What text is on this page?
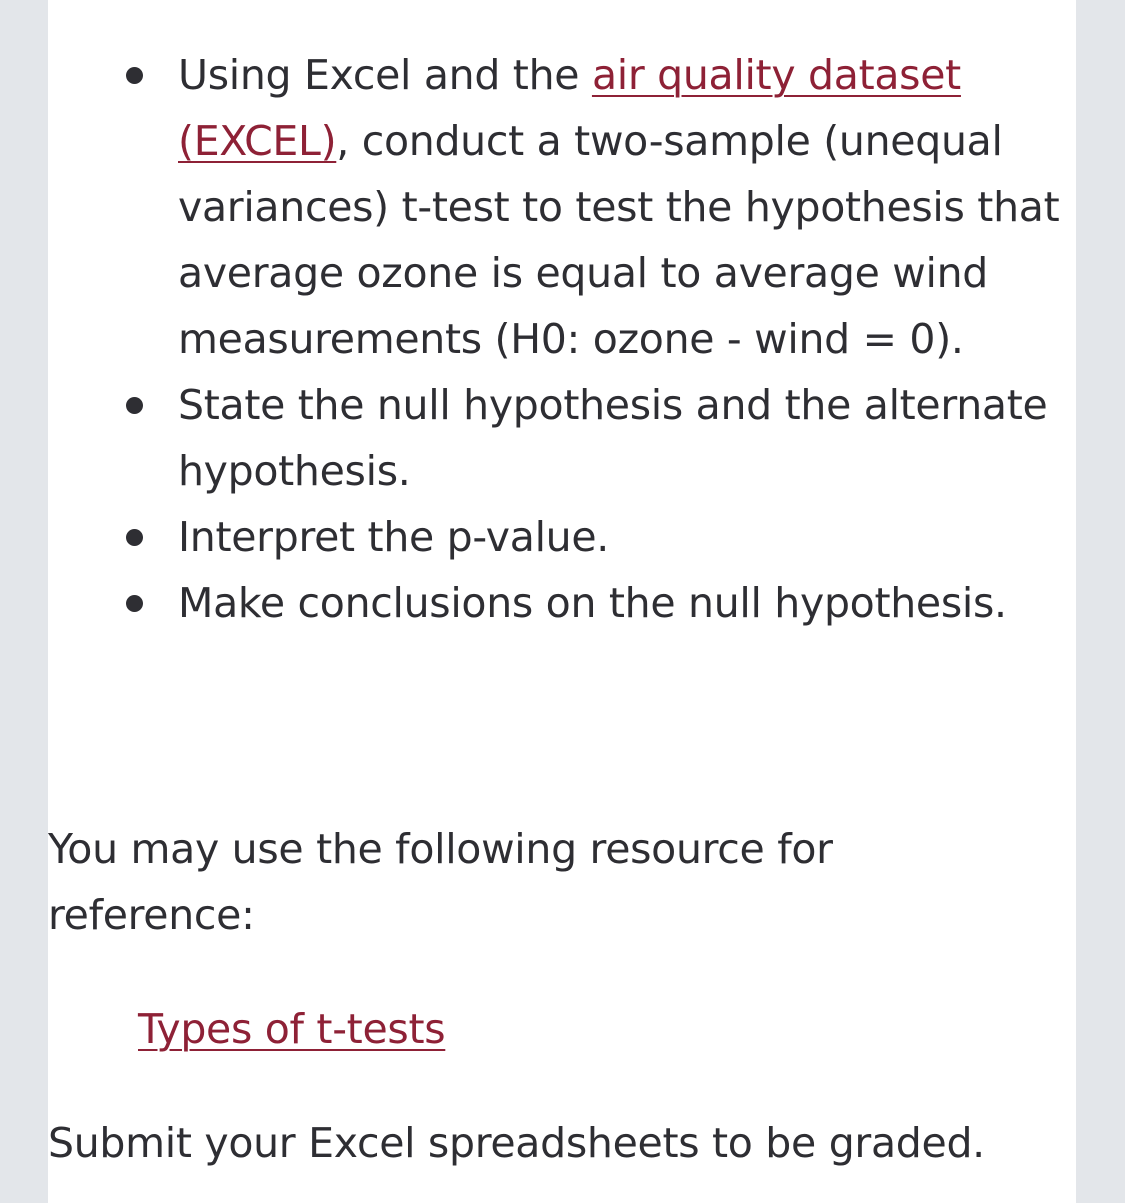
Using Excel and the air quality dataset (EXCEL), conduct a two-sample (unequal variances) t-test to test the hypothesis that average ozone is equal to average wind measurements (H0: ozone - wind = 0).
State the null hypothesis and the alternate hypothesis.
Interpret the p-value.
Make conclusions on the null hypothesis.

You may use the following resource for reference:

Types of t-tests

Submit your Excel spreadsheets to be graded.
